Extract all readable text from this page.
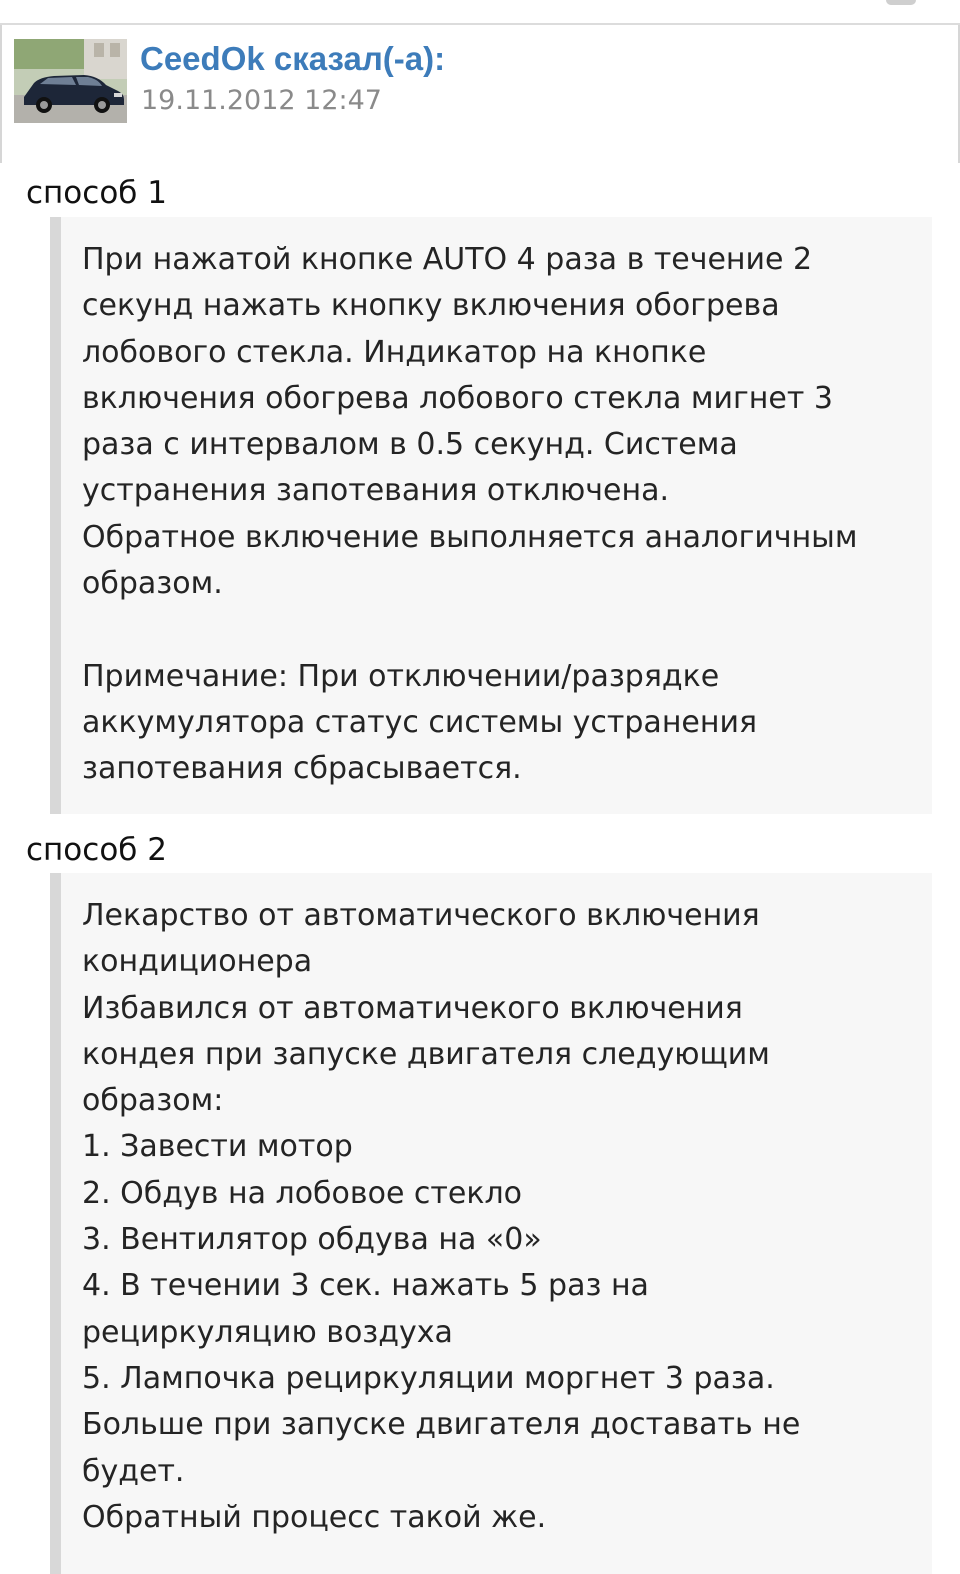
CeedOk сказал(-а):
19.11.2012 12:47
способ 1
При нажатой кнопке AUTO 4 раза в течение 2
секунд нажать кнопку включения обогрева
лобового стекла. Индикатор на кнопке
включения обогрева лобового стекла мигнет 3
раза с интервалом в 0.5 секунд. Система
устранения запотевания отключена.
Обратное включение выполняется аналогичным
образом.

Примечание: При отключении/разрядке
аккумулятора статус системы устранения
запотевания сбрасывается.
способ 2
Лекарство от автоматического включения
кондиционера
Избавился от автоматичекого включения
кондея при запуске двигателя следующим
образом:
1. Завести мотор
2. Обдув на лобовое стекло
3. Вентилятор обдува на «0»
4. В течении 3 сек. нажать 5 раз на
рециркуляцию воздуха
5. Лампочка рециркуляции моргнет 3 раза.
Больше при запуске двигателя доставать не
будет.
Обратный процесс такой же.
